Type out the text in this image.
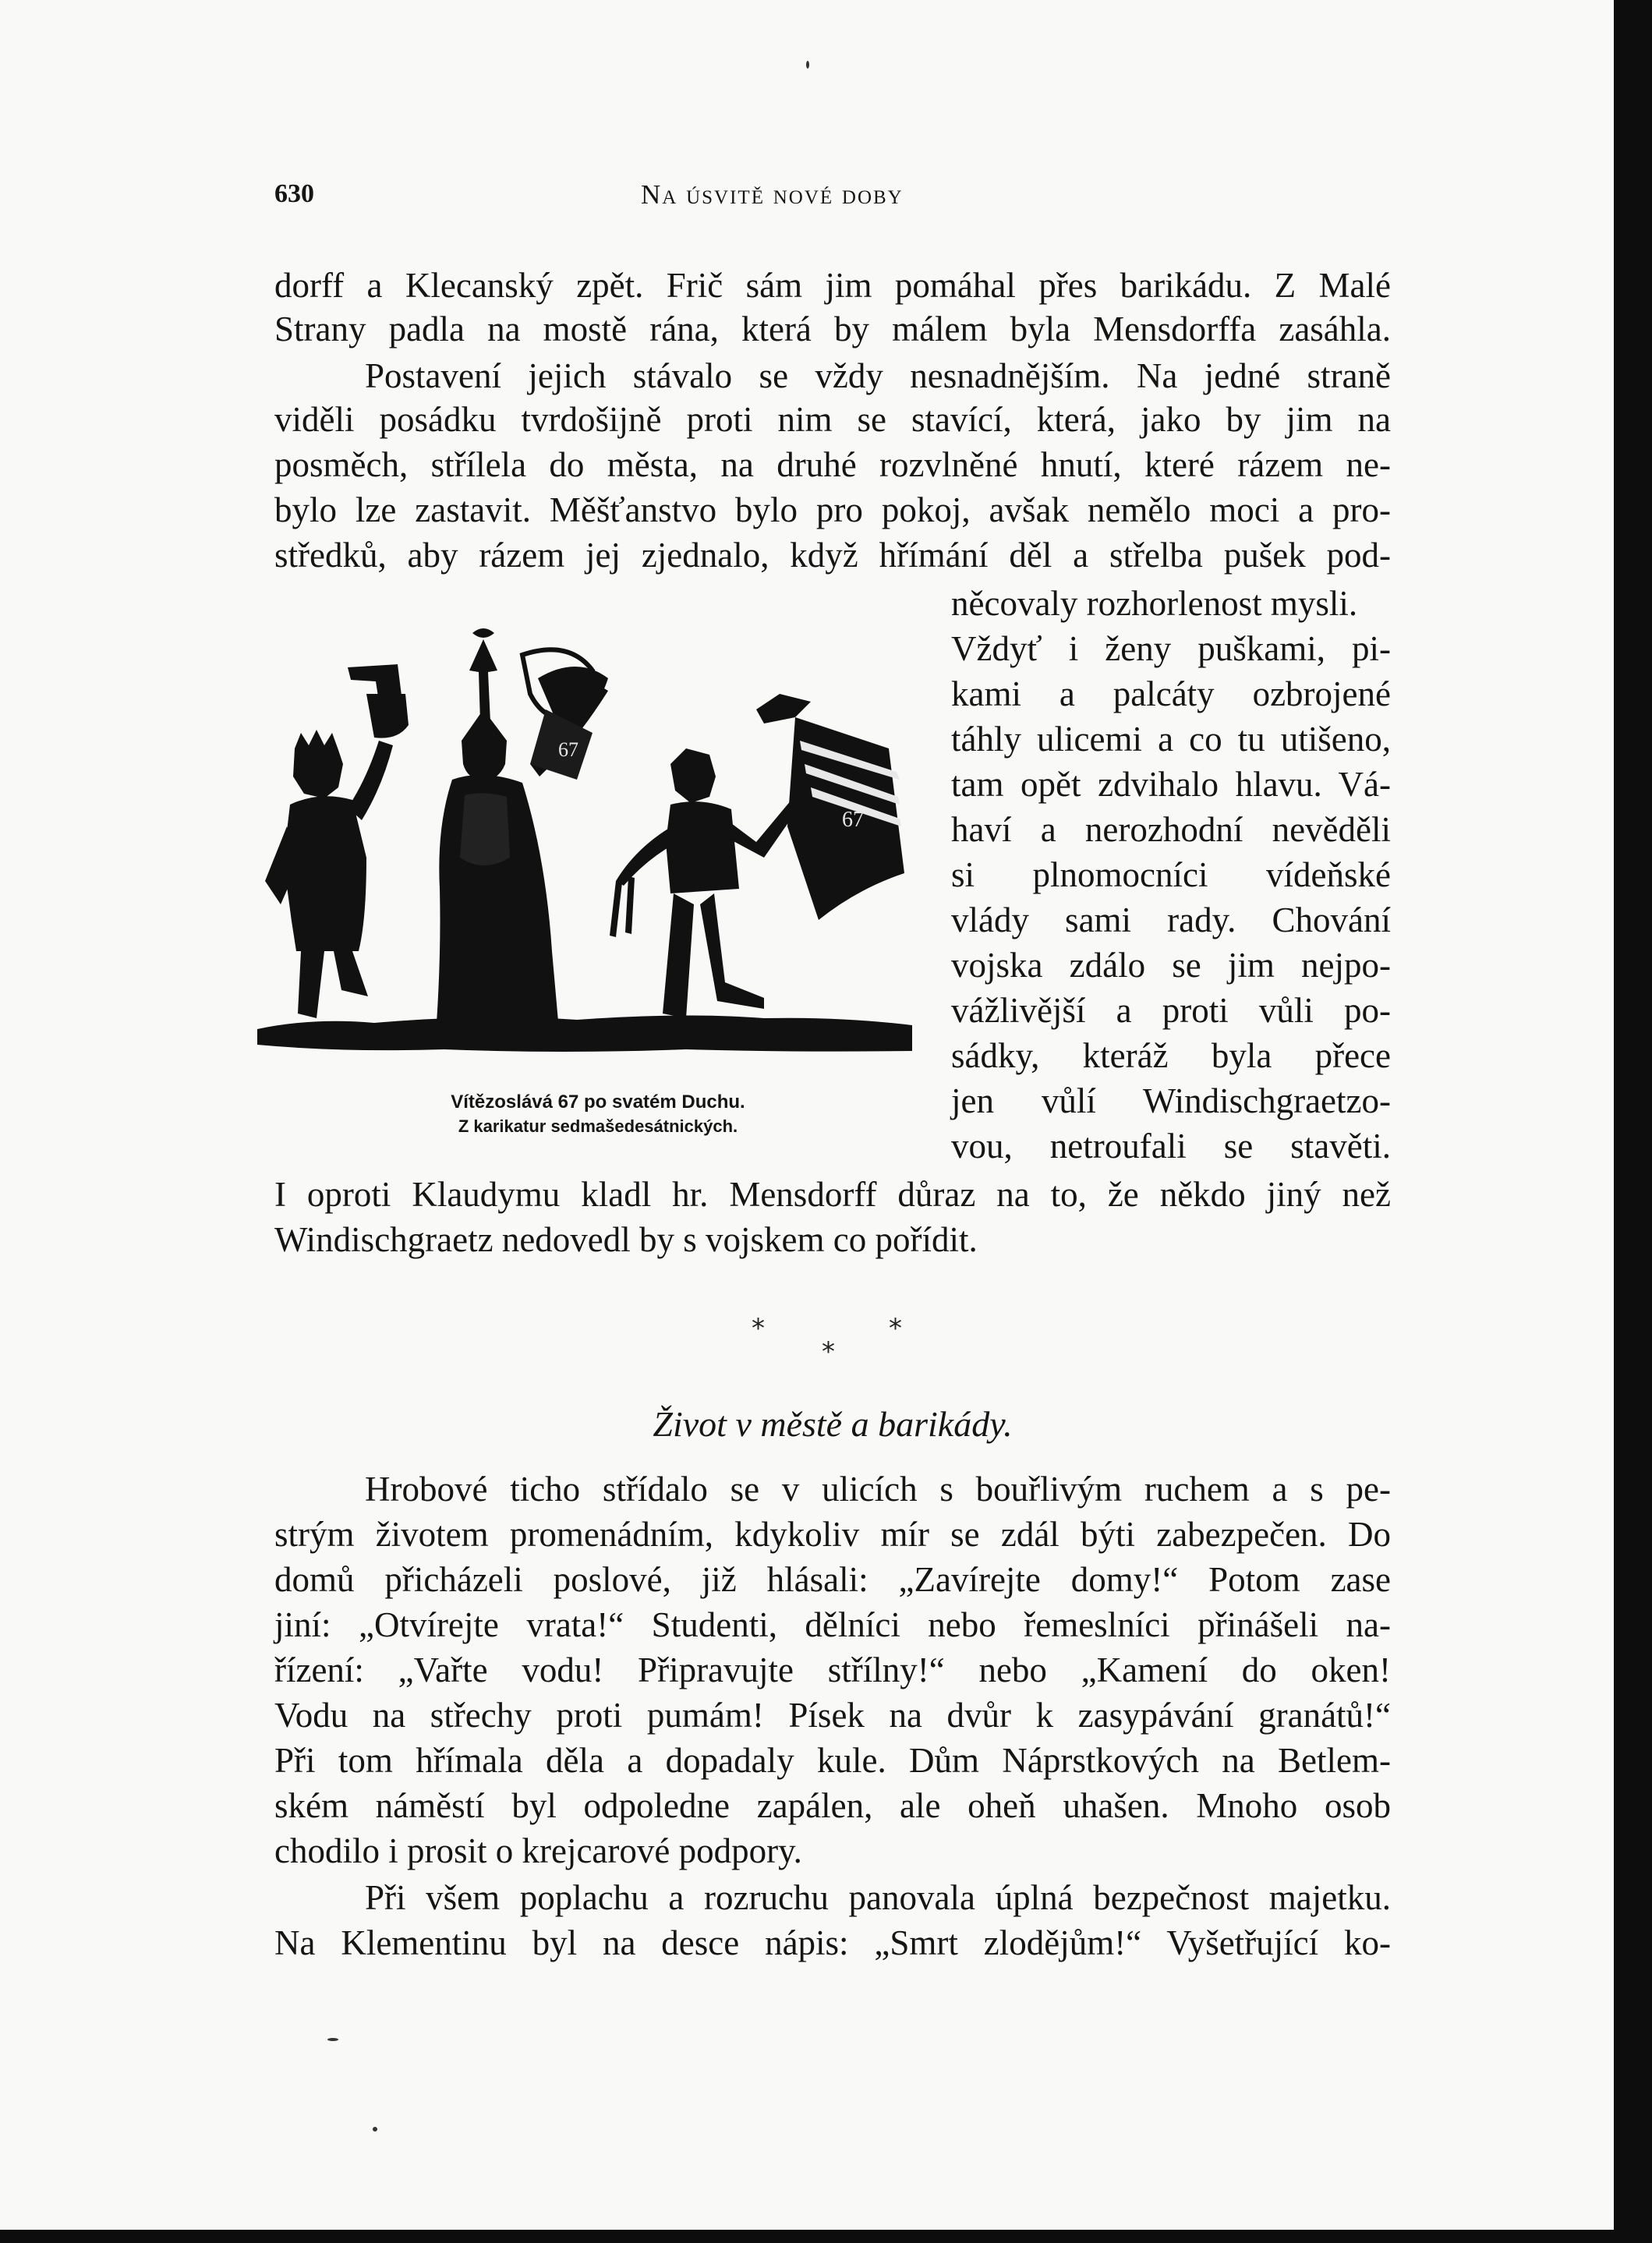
630	Na úsvitě nové doby
dorff a Klecanský zpět. Frič sám jim pomáhal přes barikádu. Z Malé
Strany padla na mostě rána, která by málem byla Mensdorffa zasáhla.
Postavení jejich stávalo se vždy nesnadnějším. Na jedné straně
viděli posádku tvrdošijně proti nim se stavící, která, jako by jim na
posměch, střílela do města, na druhé rozvlněné hnutí, které rázem ne-
bylo lze zastavit. Měšťanstvo bylo pro pokoj, avšak nemělo moci a pro-
středků, aby rázem jej zjednalo, když hřímání děl a střelba pušek pod-
něcovaly rozhorlenost mysli.
Vždyť i ženy puškami, pi-
kami a palcáty ozbrojené
táhly ulicemi a co tu utišeno,
tam opět zdvihalo hlavu. Vá-
haví a nerozhodní nevěděli
si plnomocníci vídeňské
vlády sami rady. Chování
vojska zdálo se jim nejpo-
vážlivější a proti vůli po-
sádky, kteráž byla přece
jen vůlí Windischgraetzo-
vou, netroufali se stavěti.
67
67
Vítězoslává 67 po svatém Duchu.
Z karikatur sedmašedesátnických.
I oproti Klaudymu kladl hr. Mensdorff důraz na to, že někdo jiný než
Windischgraetz nedovedl by s vojskem co pořídit.
*
*
*
Život v městě a barikády.
Hrobové ticho střídalo se v ulicích s bouřlivým ruchem a s pe-
strým životem promenádním, kdykoliv mír se zdál býti zabezpečen. Do
domů přicházeli poslové, již hlásali: „Zavírejte domy!“ Potom zase
jiní: „Otvírejte vrata!“ Studenti, dělníci nebo řemeslníci přinášeli na-
řízení: „Vařte vodu! Připravujte střílny!“ nebo „Kamení do oken!
Vodu na střechy proti pumám! Písek na dvůr k zasypávání granátů!“
Při tom hřímala děla a dopadaly kule. Dům Náprstkových na Betlem-
ském náměstí byl odpoledne zapálen, ale oheň uhašen. Mnoho osob
chodilo i prosit o krejcarové podpory.
Při všem poplachu a rozruchu panovala úplná bezpečnost majetku.
Na Klementinu byl na desce nápis: „Smrt zlodějům!“ Vyšetřující ko-
